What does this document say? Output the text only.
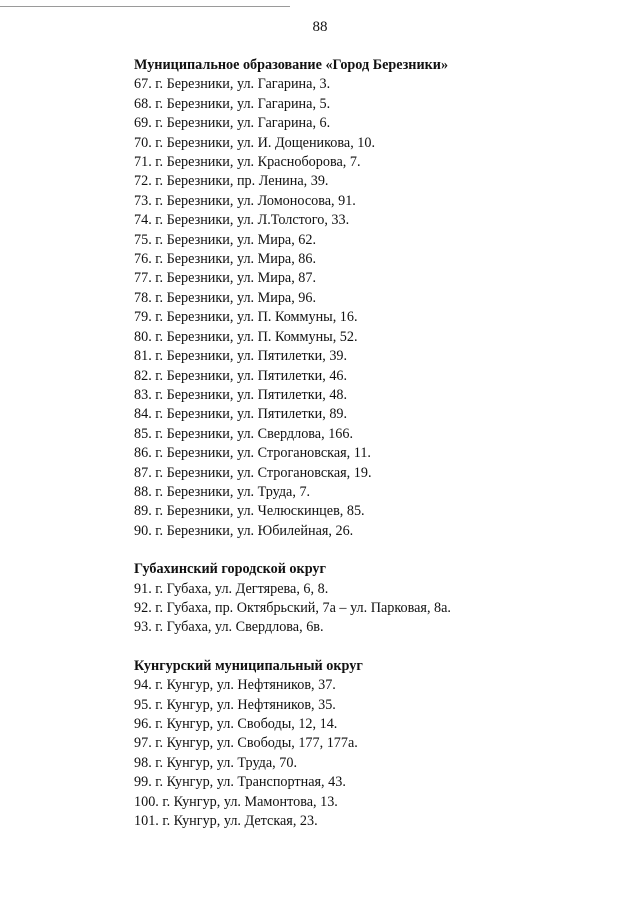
88

Муниципальное образование «Город Березники»

67. г. Березники, ул. Гагарина, 3.

68. г. Березники, ул. Гагарина, 5.

69. г. Березники, ул. Гагарина, 6.

70. г. Березники, ул. И. Дощеникова, 10.

71. г. Березники, ул. Красноборова, 7.

72. г. Березники, пр. Ленина, 39.

73. г. Березники, ул. Ломоносова, 91.

74. г. Березники, ул. Л.Толстого, 33.

75. г. Березники, ул. Мира, 62.

76. г. Березники, ул. Мира, 86.

77. г. Березники, ул. Мира, 87.

78. г. Березники, ул. Мира, 96.

79. г. Березники, ул. П. Коммуны, 16.

80. г. Березники, ул. П. Коммуны, 52.

81. г. Березники, ул. Пятилетки, 39.

82. г. Березники, ул. Пятилетки, 46.

83. г. Березники, ул. Пятилетки, 48.

84. г. Березники, ул. Пятилетки, 89.

85. г. Березники, ул. Свердлова, 166.

86. г. Березники, ул. Строгановская, 11.

87. г. Березники, ул. Строгановская, 19.

88. г. Березники, ул. Труда, 7.

89. г. Березники, ул. Челюскинцев, 85.

90. г. Березники, ул. Юбилейная, 26.

Губахинский городской округ

91. г. Губаха, ул. Дегтярева, 6, 8.

92. г. Губаха, пр. Октябрьский, 7а – ул. Парковая, 8а.

93. г. Губаха, ул. Свердлова, 6в.

Кунгурский муниципальный округ

94. г. Кунгур, ул. Нефтяников, 37.

95. г. Кунгур, ул. Нефтяников, 35.

96. г. Кунгур, ул. Свободы, 12, 14.

97. г. Кунгур, ул. Свободы, 177, 177а.

98. г. Кунгур, ул. Труда, 70.

99. г. Кунгур, ул. Транспортная, 43.

100. г. Кунгур, ул. Мамонтова, 13.

101. г. Кунгур, ул. Детская, 23.
